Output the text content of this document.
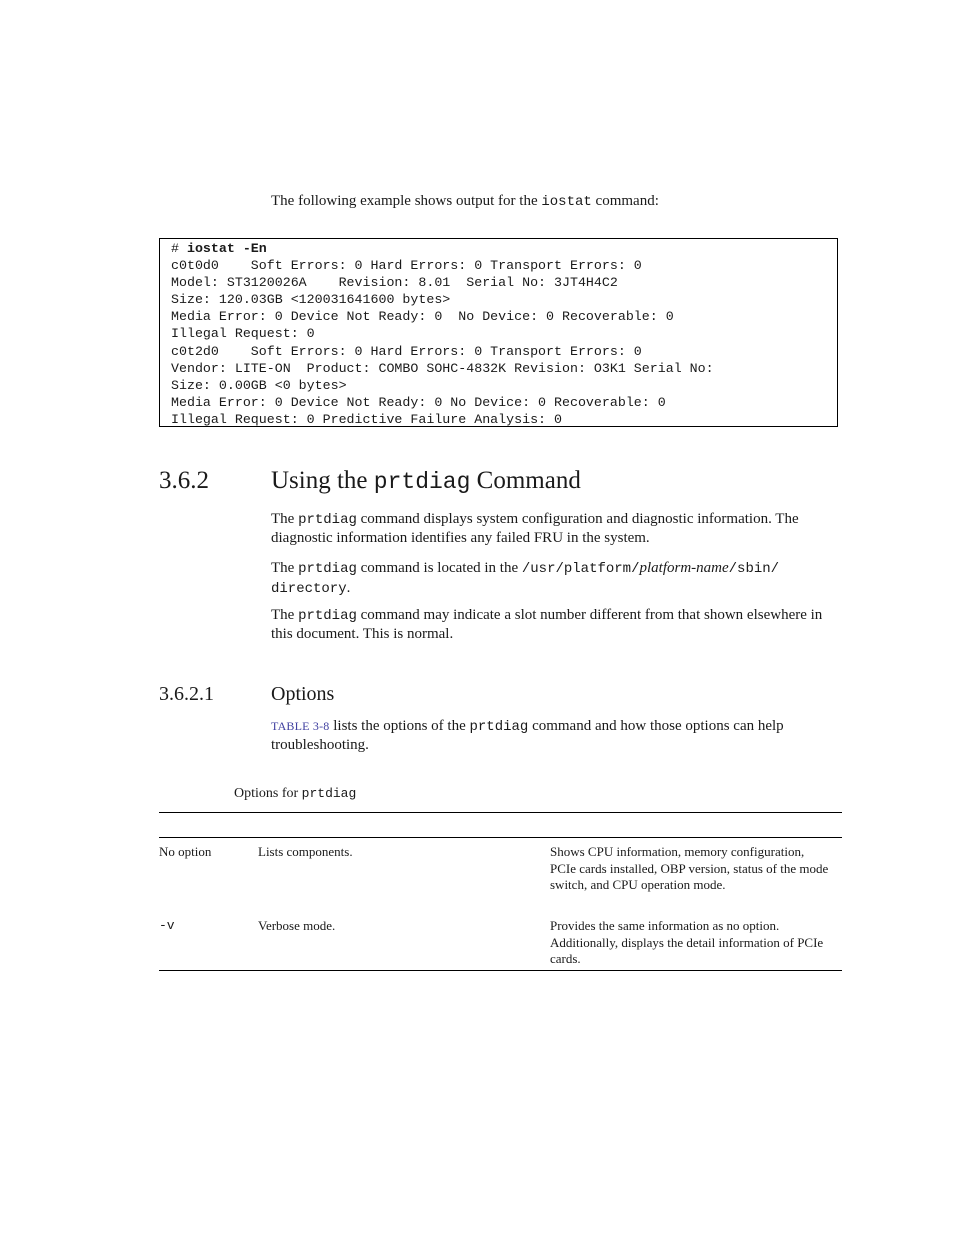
The following example shows output for the iostat command:
# iostat -En
c0t0d0    Soft Errors: 0 Hard Errors: 0 Transport Errors: 0
Model: ST3120026A    Revision: 8.01  Serial No: 3JT4H4C2
Size: 120.03GB <120031641600 bytes>
Media Error: 0 Device Not Ready: 0  No Device: 0 Recoverable: 0
Illegal Request: 0
c0t2d0    Soft Errors: 0 Hard Errors: 0 Transport Errors: 0
Vendor: LITE-ON  Product: COMBO SOHC-4832K Revision: O3K1 Serial No:
Size: 0.00GB <0 bytes>
Media Error: 0 Device Not Ready: 0 No Device: 0 Recoverable: 0
Illegal Request: 0 Predictive Failure Analysis: 0
3.6.2 Using the prtdiag Command
The prtdiag command displays system configuration and diagnostic information. The diagnostic information identifies any failed FRU in the system.
The prtdiag command is located in the /usr/platform/platform-name/sbin/
directory.
The prtdiag command may indicate a slot number different from that shown elsewhere in this document. This is normal.
3.6.2.1	Options
TABLE 3-8 lists the options of the prtdiag command and how those options can help troubleshooting.
Options for prtdiag
No option	Lists components.	Shows CPU information, memory configuration, PCIe cards installed, OBP version, status of the mode switch, and CPU operation mode.
-v	Verbose mode.	Provides the same information as no option. Additionally, displays the detail information of PCIe cards.
